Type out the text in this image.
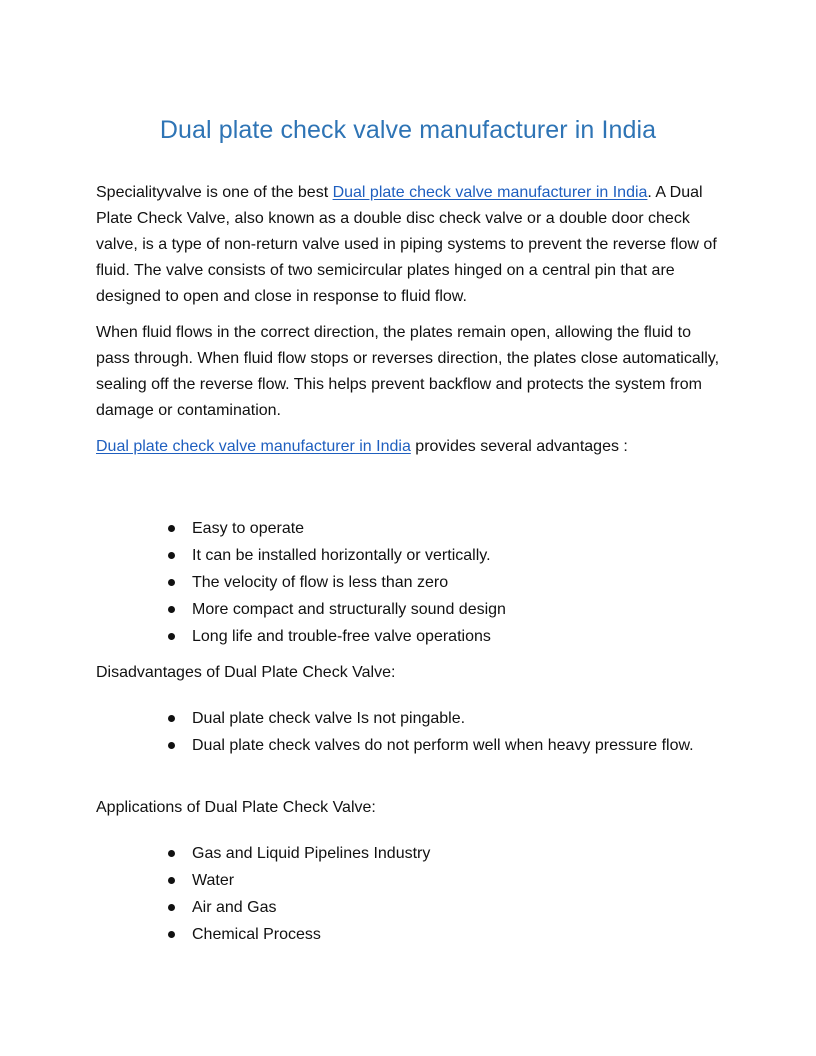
Dual plate check valve manufacturer in India

Specialityvalve is one of the best Dual plate check valve manufacturer in India. A Dual Plate Check Valve, also known as a double disc check valve or a double door check valve, is a type of non-return valve used in piping systems to prevent the reverse flow of fluid. The valve consists of two semicircular plates hinged on a central pin that are designed to open and close in response to fluid flow.

When fluid flows in the correct direction, the plates remain open, allowing the fluid to pass through. When fluid flow stops or reverses direction, the plates close automatically, sealing off the reverse flow. This helps prevent backflow and protects the system from damage or contamination.

Dual plate check valve manufacturer in India provides several advantages :

Easy to operate
It can be installed horizontally or vertically.
The velocity of flow is less than zero
More compact and structurally sound design
Long life and trouble-free valve operations

Disadvantages of Dual Plate Check Valve:

Dual plate check valve Is not pingable.
Dual plate check valves do not perform well when heavy pressure flow.

Applications of Dual Plate Check Valve:

Gas and Liquid Pipelines Industry
Water
Air and Gas
Chemical Process
